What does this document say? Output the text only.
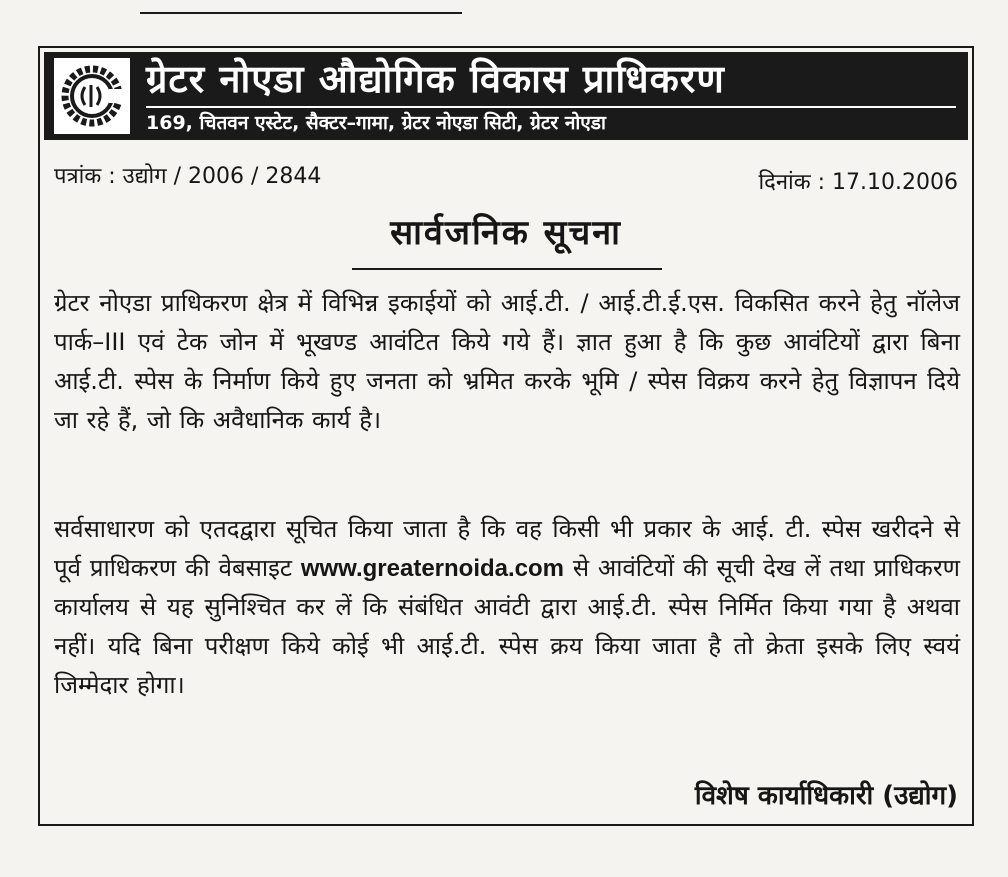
ग्रेटर नोएडा औद्योगिक विकास प्राधिकरण
169, चितवन एस्टेट, सैक्टर–गामा, ग्रेटर नोएडा सिटी, ग्रेटर नोएडा
पत्रांक : उद्योग / 2006 / 2844	दिनांक : 17.10.2006
सार्वजनिक सूचना
ग्रेटर नोएडा प्राधिकरण क्षेत्र में विभिन्न इकाईयों को आई.टी. / आई.टी.ई.एस. विकसित करने हेतु नॉलेज पार्क–III एवं टेक जोन में भूखण्ड आवंटित किये गये हैं। ज्ञात हुआ है कि कुछ आवंटियों द्वारा बिना आई.टी. स्पेस के निर्माण किये हुए जनता को भ्रमित करके भूमि / स्पेस विक्रय करने हेतु विज्ञापन दिये जा रहे हैं, जो कि अवैधानिक कार्य है।
सर्वसाधारण को एतदद्वारा सूचित किया जाता है कि वह किसी भी प्रकार के आई. टी. स्पेस खरीदने से पूर्व प्राधिकरण की वेबसाइट www.greaternoida.com से आवंटियों की सूची देख लें तथा प्राधिकरण कार्यालय से यह सुनिश्चित कर लें कि संबंधित आवंटी द्वारा आई.टी. स्पेस निर्मित किया गया है अथवा नहीं। यदि बिना परीक्षण किये कोई भी आई.टी. स्पेस क्रय किया जाता है तो क्रेता इसके लिए स्वयं जिम्मेदार होगा।
विशेष कार्याधिकारी (उद्योग)
